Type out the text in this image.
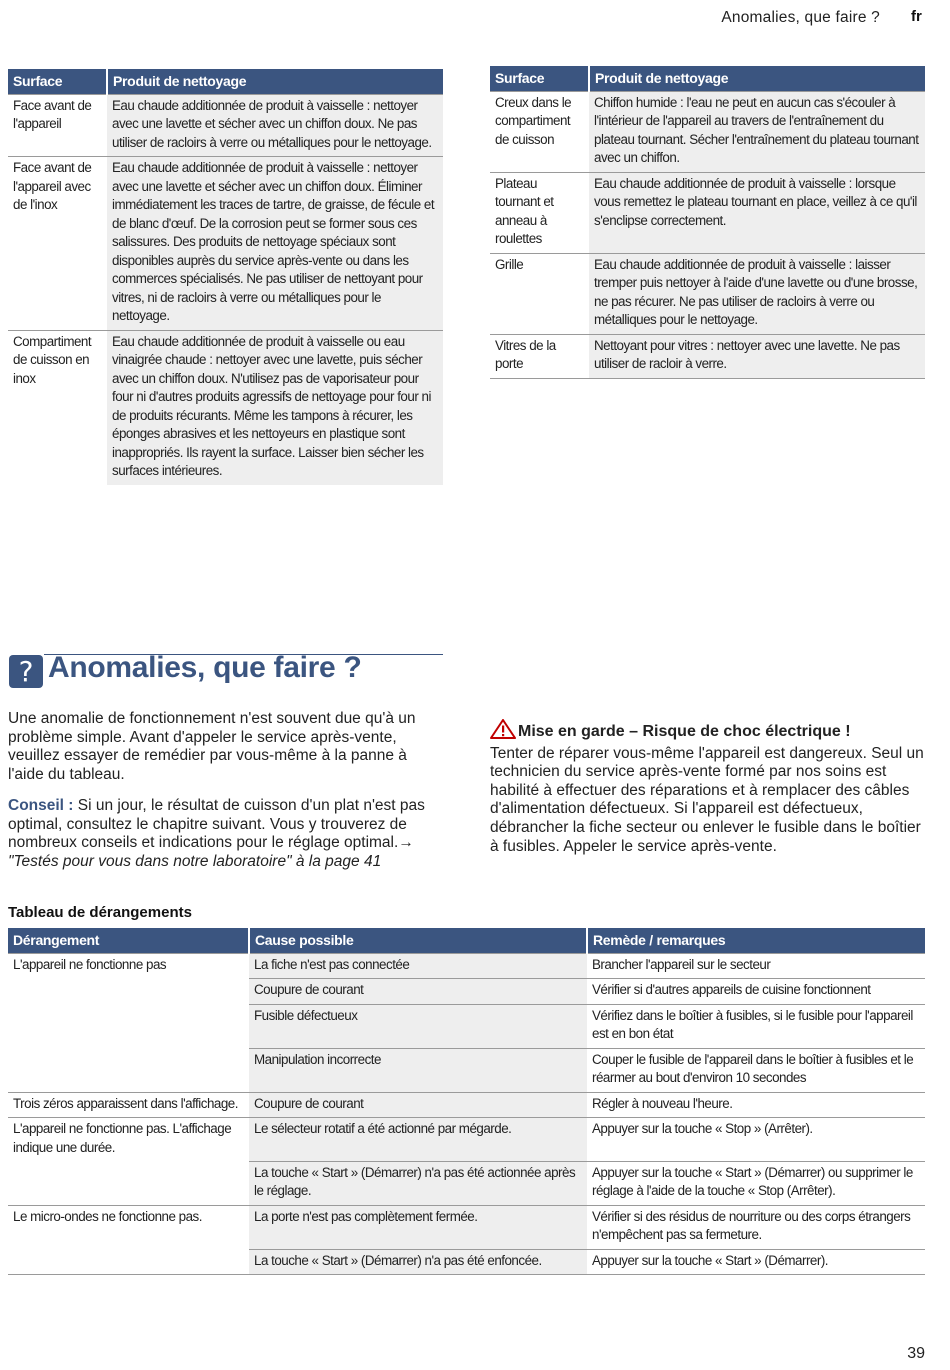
Anomalies, que faire ? fr
Surface	Produit de nettoyage
Face avant de l'appareil	Eau chaude additionnée de produit à vaisselle : nettoyer avec une lavette et sécher avec un chiffon doux. Ne pas utiliser de racloirs à verre ou métalliques pour le nettoyage.
Face avant de l'appareil avec de l'inox	Eau chaude additionnée de produit à vaisselle : nettoyer avec une lavette et sécher avec un chiffon doux. Éliminer immédiatement les traces de tartre, de graisse, de fécule et de blanc d'œuf. De la corrosion peut se former sous ces salissures. Des produits de nettoyage spéciaux sont disponibles auprès du service après-vente ou dans les commerces spécialisés. Ne pas utiliser de nettoyant pour vitres, ni de racloirs à verre ou métalliques pour le nettoyage.
Compartiment de cuisson en inox	Eau chaude additionnée de produit à vaisselle ou eau vinaigrée chaude : nettoyer avec une lavette, puis sécher avec un chiffon doux. N'utilisez pas de vaporisateur pour four ni d'autres produits agressifs de nettoyage pour four ni de produits récurants. Même les tampons à récurer, les éponges abrasives et les nettoyeurs en plastique sont inappropriés. Ils rayent la surface. Laisser bien sécher les surfaces intérieures.
Surface	Produit de nettoyage
Creux dans le compartiment de cuisson	Chiffon humide : l'eau ne peut en aucun cas s'écouler à l'intérieur de l'appareil au travers de l'entraînement du plateau tournant. Sécher l'entraînement du plateau tournant avec un chiffon.
Plateau tournant et anneau à roulettes	Eau chaude additionnée de produit à vaisselle : lorsque vous remettez le plateau tournant en place, veillez à ce qu'il s'enclipse correctement.
Grille	Eau chaude additionnée de produit à vaisselle : laisser tremper puis nettoyer à l'aide d'une lavette ou d'une brosse, ne pas récurer. Ne pas utiliser de racloirs à verre ou métalliques pour le nettoyage.
Vitres de la porte	Nettoyant pour vitres : nettoyer avec une lavette. Ne pas utiliser de racloir à verre.
? Anomalies, que faire ?

Une anomalie de fonctionnement n'est souvent due qu'à un problème simple. Avant d'appeler le service après-vente, veuillez essayer de remédier par vous-même à la panne à l'aide du tableau.

Conseil : Si un jour, le résultat de cuisson d'un plat n'est pas optimal, consultez le chapitre suivant. Vous y trouverez de nombreux conseils et indications pour le réglage optimal.→ "Testés pour vous dans notre laboratoire" à la page 41

Mise en garde – Risque de choc électrique !
Tenter de réparer vous-même l'appareil est dangereux. Seul un technicien du service après-vente formé par nos soins est habilité à effectuer des réparations et à remplacer des câbles d'alimentation défectueux. Si l'appareil est défectueux, débrancher la fiche secteur ou enlever le fusible dans le boîtier à fusibles. Appeler le service après-vente.
Tableau de dérangements
Dérangement	Cause possible	Remède / remarques
L'appareil ne fonctionne pas	La fiche n'est pas connectée	Brancher l'appareil sur le secteur
	Coupure de courant	Vérifier si d'autres appareils de cuisine fonctionnent
	Fusible défectueux	Vérifiez dans le boîtier à fusibles, si le fusible pour l'appareil est en bon état
	Manipulation incorrecte	Couper le fusible de l'appareil dans le boîtier à fusibles et le réarmer au bout d'environ 10 secondes
Trois zéros apparaissent dans l'affichage.	Coupure de courant	Régler à nouveau l'heure.
L'appareil ne fonctionne pas. L'affichage indique une durée.	Le sélecteur rotatif a été actionné par mégarde.	Appuyer sur la touche « Stop » (Arrêter).
	La touche « Start » (Démarrer) n'a pas été actionnée après le réglage.	Appuyer sur la touche « Start » (Démarrer) ou supprimer le réglage à l'aide de la touche « Stop (Arrêter).
Le micro-ondes ne fonctionne pas.	La porte n'est pas complètement fermée.	Vérifier si des résidus de nourriture ou des corps étrangers n'empêchent pas sa fermeture.
	La touche « Start » (Démarrer) n'a pas été enfoncée.	Appuyer sur la touche « Start » (Démarrer).
39
